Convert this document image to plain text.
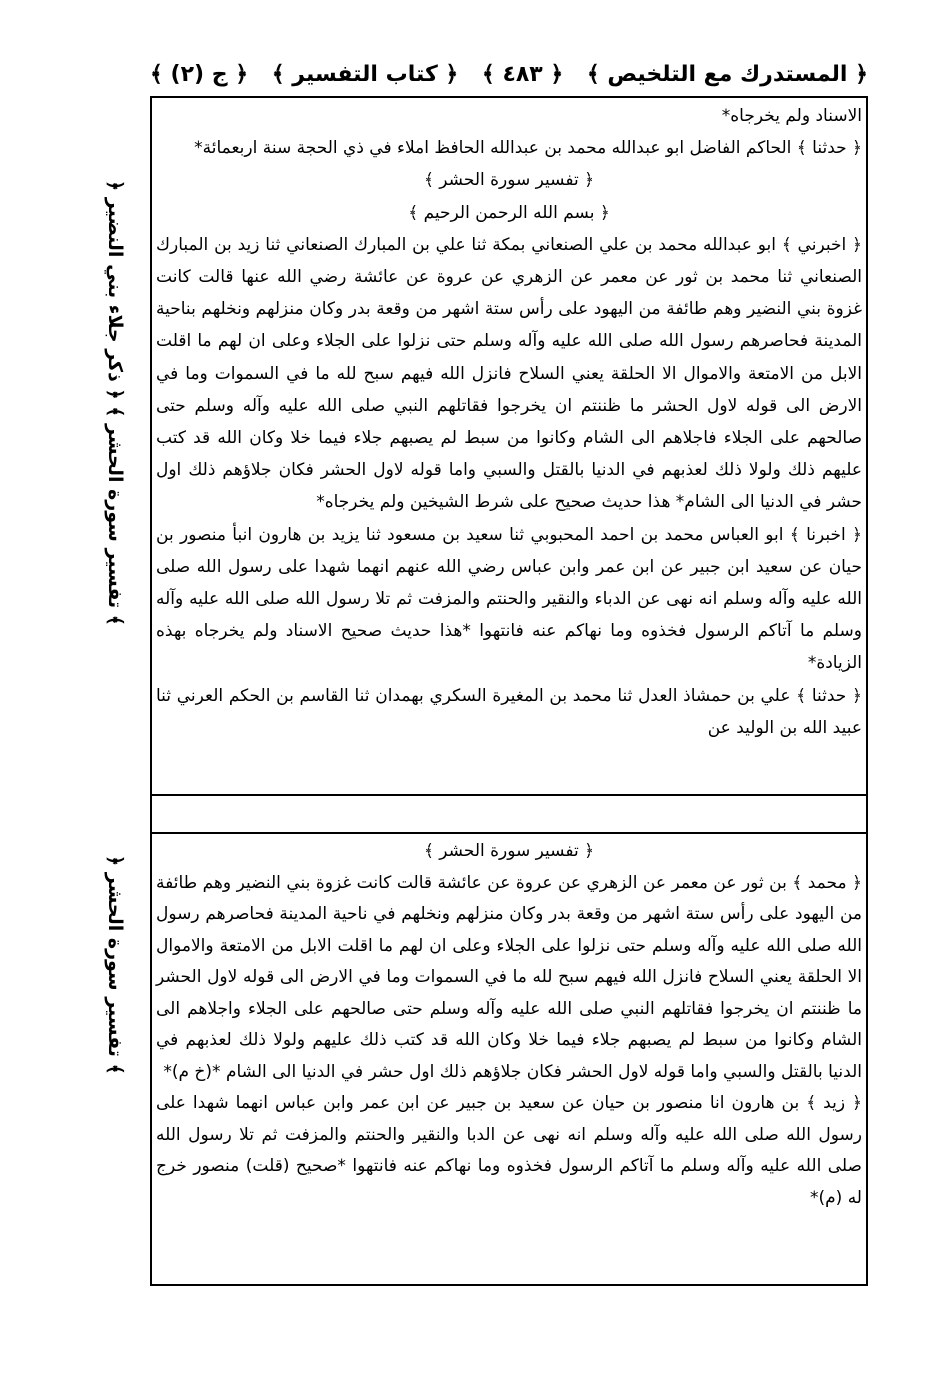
﴿ المستدرك مع التلخيص ﴾
﴿ ٤٨٣ ﴾
﴿ كتاب التفسير ﴾
﴿ ج (٢) ﴾

الاسناد ولم يخرجاه*

﴿ حدثنا ﴾ الحاكم الفاضل ابو عبدالله محمد بن عبدالله الحافظ املاء في ذي الحجة سنة اربعمائة*

﴿ تفسير سورة الحشر ﴾

﴿ بسم الله الرحمن الرحيم ﴾

﴿ اخبرني ﴾ ابو عبدالله محمد بن علي الصنعاني بمكة ثنا علي بن المبارك الصنعاني ثنا زيد بن المبارك الصنعاني ثنا محمد بن ثور عن معمر عن الزهري عن عروة عن عائشة رضي الله عنها قالت كانت غزوة بني النضير وهم طائفة من اليهود على رأس ستة اشهر من وقعة بدر وكان منزلهم ونخلهم بناحية المدينة فحاصرهم رسول الله صلى الله عليه وآله وسلم حتى نزلوا على الجلاء وعلى ان لهم ما اقلت الابل من الامتعة والاموال الا الحلقة يعني السلاح فانزل الله فيهم سبح لله ما في السموات وما في الارض الى قوله لاول الحشر ما ظننتم ان يخرجوا فقاتلهم النبي صلى الله عليه وآله وسلم حتى صالحهم على الجلاء فاجلاهم الى الشام وكانوا من سبط لم يصبهم جلاء فيما خلا وكان الله قد كتب عليهم ذلك ولولا ذلك لعذبهم في الدنيا بالقتل والسبي واما قوله لاول الحشر فكان جلاؤهم ذلك اول حشر في الدنيا الى الشام* هذا حديث صحيح على شرط الشيخين ولم يخرجاه*

﴿ اخبرنا ﴾ ابو العباس محمد بن احمد المحبوبي ثنا سعيد بن مسعود ثنا يزيد بن هارون انبأ منصور بن حيان عن سعيد ابن جبير عن ابن عمر وابن عباس رضي الله عنهم انهما شهدا على رسول الله صلى الله عليه وآله وسلم انه نهى عن الدباء والنقير والحنتم والمزفت ثم تلا رسول الله صلى الله عليه وآله وسلم ما آتاكم الرسول فخذوه وما نهاكم عنه فانتهوا *هذا حديث صحيح الاسناد ولم يخرجاه بهذه الزيادة*

﴿ حدثنا ﴾ علي بن حمشاذ العدل ثنا محمد بن المغيرة السكري بهمدان ثنا القاسم بن الحكم العرني ثنا عبيد الله بن الوليد عن

﴿ تفسير سورة الحشر ﴾

﴿ محمد ﴾ بن ثور عن معمر عن الزهري عن عروة عن عائشة قالت كانت غزوة بني النضير وهم طائفة من اليهود على رأس ستة اشهر من وقعة بدر وكان منزلهم ونخلهم في ناحية المدينة فحاصرهم رسول الله صلى الله عليه وآله وسلم حتى نزلوا على الجلاء وعلى ان لهم ما اقلت الابل من الامتعة والاموال الا الحلقة يعني السلاح فانزل الله فيهم سبح لله ما في السموات وما في الارض الى قوله لاول الحشر ما ظننتم ان يخرجوا فقاتلهم النبي صلى الله عليه وآله وسلم حتى صالحهم على الجلاء واجلاهم الى الشام وكانوا من سبط لم يصبهم جلاء فيما خلا وكان الله قد كتب ذلك عليهم ولولا ذلك لعذبهم في الدنيا بالقتل والسبي واما قوله لاول الحشر فكان جلاؤهم ذلك اول حشر في الدنيا الى الشام *(خ م)*

﴿ زيد ﴾ بن هارون انا منصور بن حيان عن سعيد بن جبير عن ابن عمر وابن عباس انهما شهدا على رسول الله صلى الله عليه وآله وسلم انه نهى عن الدبا والنقير والحنتم والمزفت ثم تلا رسول الله صلى الله عليه وآله وسلم ما آتاكم الرسول فخذوه وما نهاكم عنه فانتهوا *صحيح (قلت) منصور خرج له (م)*

﴿ تفسير سورة الحشر ﴾ ﴿ ذكر جلاء بني النضير ﴾
﴿ تفسير سورة الحشر ﴾
